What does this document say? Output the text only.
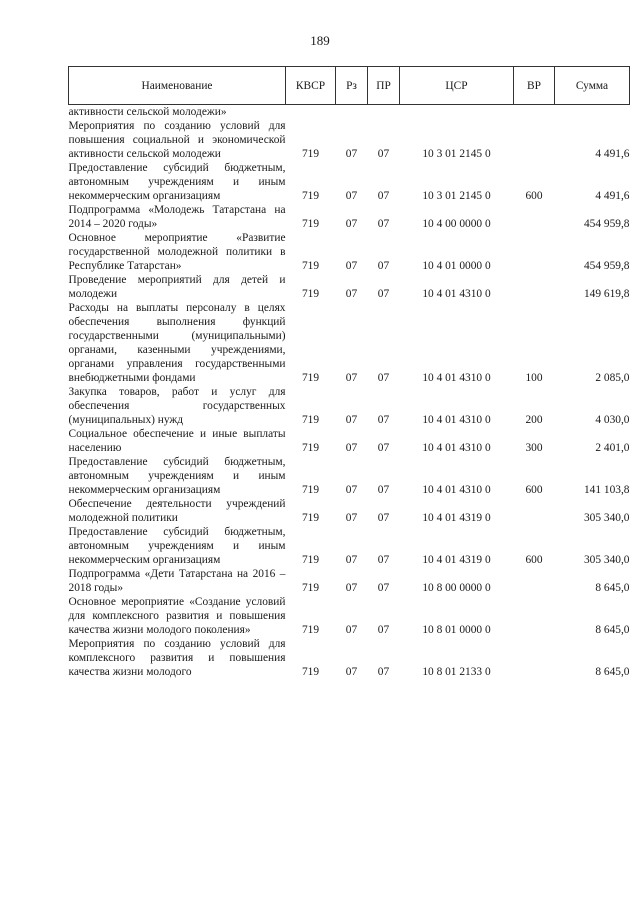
189
Наименование	КВСР	Рз	ПР	ЦСР	ВР	Сумма
активности сельской молодежи»						
Мероприятия по созданию условий для повышения социальной и экономической активности сельской молодежи	719	07	07	10 3 01 2145 0		4 491,6
Предоставление субсидий бюджетным, автономным учреждениям и иным некоммерческим организациям	719	07	07	10 3 01 2145 0	600	4 491,6
Подпрограмма «Молодежь Татарстана на 2014 – 2020 годы»	719	07	07	10 4 00 0000 0		454 959,8
Основное мероприятие «Развитие государственной молодежной политики в Республике Татарстан»	719	07	07	10 4 01 0000 0		454 959,8
Проведение мероприятий для детей и молодежи	719	07	07	10 4 01 4310 0		149 619,8
Расходы на выплаты персоналу в целях обеспечения выполнения функций государственными (муниципальными) органами, казенными учреждениями, органами управления государственными внебюджетными фондами	719	07	07	10 4 01 4310 0	100	2 085,0
Закупка товаров, работ и услуг для обеспечения государственных (муниципальных) нужд	719	07	07	10 4 01 4310 0	200	4 030,0
Социальное обеспечение и иные выплаты населению	719	07	07	10 4 01 4310 0	300	2 401,0
Предоставление субсидий бюджетным, автономным учреждениям и иным некоммерческим организациям	719	07	07	10 4 01 4310 0	600	141 103,8
Обеспечение деятельности учреждений молодежной политики	719	07	07	10 4 01 4319 0		305 340,0
Предоставление субсидий бюджетным, автономным учреждениям и иным некоммерческим организациям	719	07	07	10 4 01 4319 0	600	305 340,0
Подпрограмма «Дети Татарстана на 2016 – 2018 годы»	719	07	07	10 8 00 0000 0		8 645,0
Основное мероприятие «Создание условий для комплексного развития и повышения качества жизни молодого поколения»	719	07	07	10 8 01 0000 0		8 645,0
Мероприятия по созданию условий для комплексного развития и повышения качества жизни молодого	719	07	07	10 8 01 2133 0		8 645,0
